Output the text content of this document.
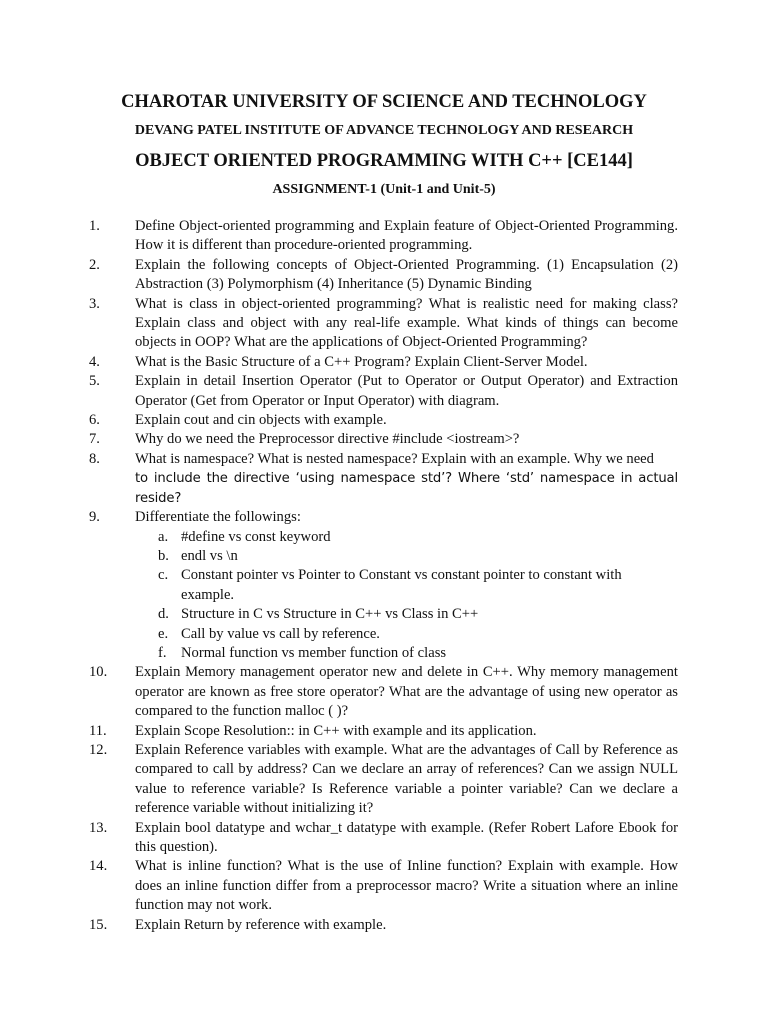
CHAROTAR UNIVERSITY OF SCIENCE AND TECHNOLOGY
DEVANG PATEL INSTITUTE OF ADVANCE TECHNOLOGY AND RESEARCH
OBJECT ORIENTED PROGRAMMING WITH C++ [CE144]
ASSIGNMENT-1 (Unit-1 and Unit-5)
1. Define Object-oriented programming and Explain feature of Object-Oriented Programming. How it is different than procedure-oriented programming.
2. Explain the following concepts of Object-Oriented Programming. (1) Encapsulation (2) Abstraction (3) Polymorphism (4) Inheritance (5) Dynamic Binding
3. What is class in object-oriented programming? What is realistic need for making class? Explain class and object with any real-life example. What kinds of things can become objects in OOP? What are the applications of Object-Oriented Programming?
4. What is the Basic Structure of a C++ Program? Explain Client-Server Model.
5. Explain in detail Insertion Operator (Put to Operator or Output Operator) and Extraction Operator (Get from Operator or Input Operator) with diagram.
6. Explain cout and cin objects with example.
7. Why do we need the Preprocessor directive #include <iostream>?
8. What is namespace? What is nested namespace? Explain with an example. Why we need
to include the directive ‘using namespace std’? Where ‘std’ namespace in actual reside?
9. Differentiate the followings:
a. #define vs const keyword
b. endl vs \n
c. Constant pointer vs Pointer to Constant vs constant pointer to constant with example.
d. Structure in C vs Structure in C++ vs Class in C++
e. Call by value vs call by reference.
f. Normal function vs member function of class
10. Explain Memory management operator new and delete in C++. Why memory management operator are known as free store operator? What are the advantage of using new operator as compared to the function malloc ( )?
11. Explain Scope Resolution:: in C++ with example and its application.
12. Explain Reference variables with example. What are the advantages of Call by Reference as compared to call by address? Can we declare an array of references? Can we assign NULL value to reference variable? Is Reference variable a pointer variable? Can we declare a reference variable without initializing it?
13. Explain bool datatype and wchar_t datatype with example. (Refer Robert Lafore Ebook for this question).
14. What is inline function? What is the use of Inline function? Explain with example. How does an inline function differ from a preprocessor macro? Write a situation where an inline function may not work.
15. Explain Return by reference with example.
